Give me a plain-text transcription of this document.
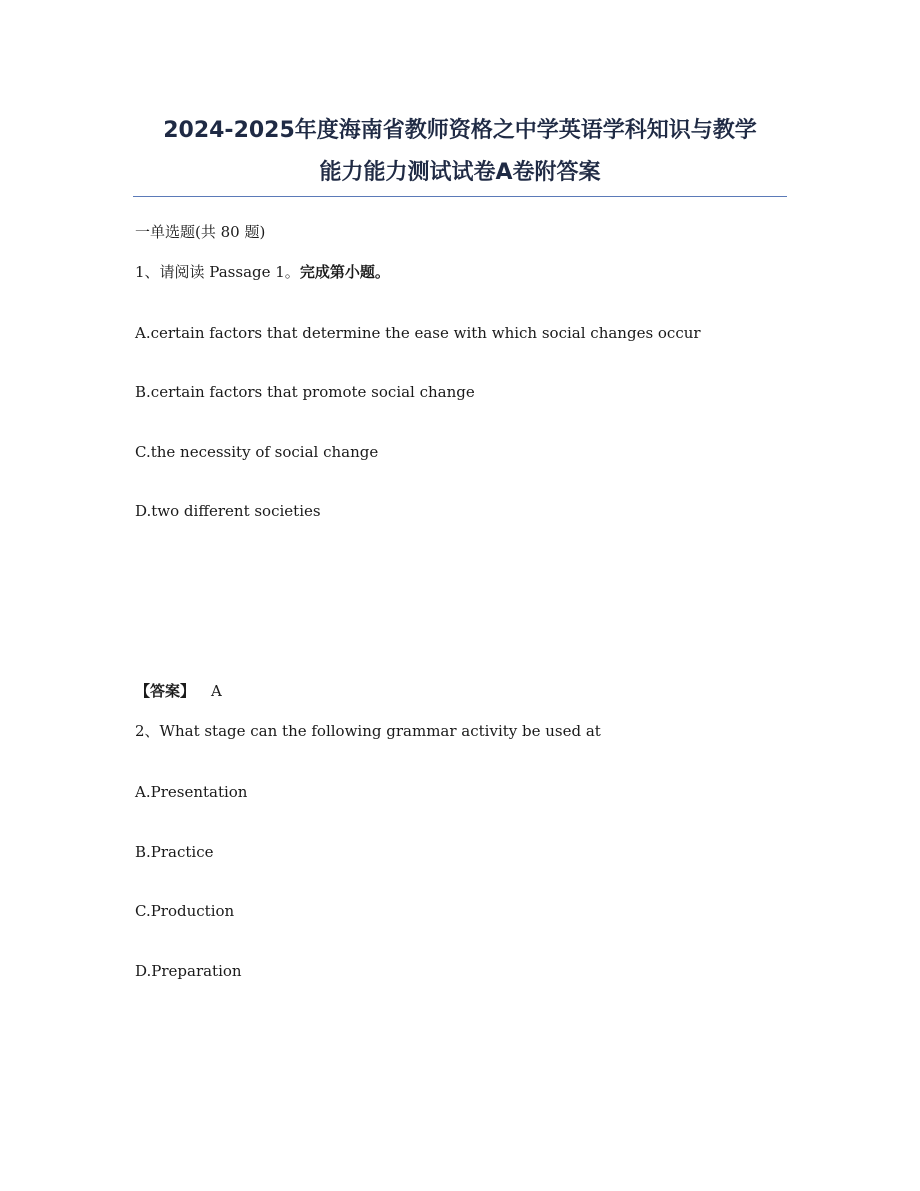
2024-2025年度海南省教师资格之中学英语学科知识与教学
能力能力测试试卷A卷附答案
一单选题(共 80 题)
1、请阅读 Passage 1。完成第小题。
A.certain factors that determine the ease with which social changes occur
B.certain factors that promote social change
C.the necessity of social change
D.two different societies
【答案】 A
2、What stage can the following grammar activity be used at
A.Presentation
B.Practice
C.Production
D.Preparation
